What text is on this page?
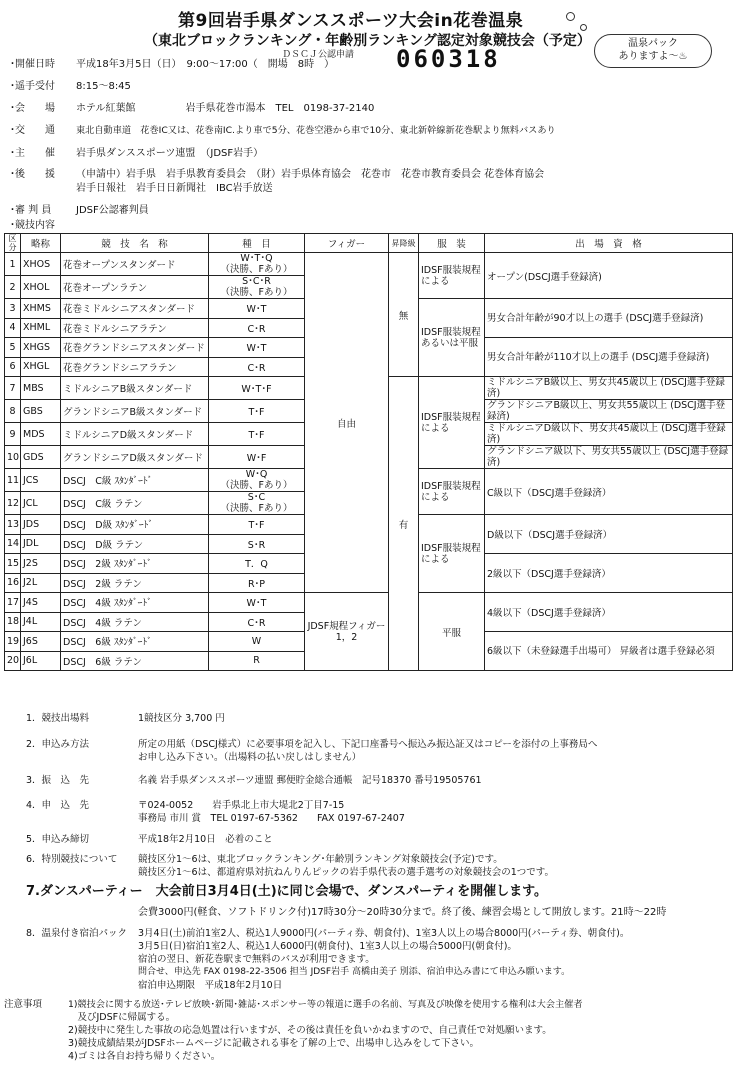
第9回岩手県ダンススポーツ大会in花巻温泉
（東北ブロックランキング・年齢別ランキング認定対象競技会（予定）	温泉パック
ありますよ～♨
ＤＳＣＪ公認申請 060318
･開催日時 平成18年3月5日（日）　9:00～17:00（　開場　8時　）
･遥手受付 8:15～8:45
･会　　場 ホテル紅葉館　　　　　岩手県花巻市湯本　TEL　0198-37-2140
･交　　通 東北自動車道　花巻IC又は、花巻南IC.より車で5分、花巻空港から車で10分、東北新幹線新花巻駅より無料バスあり
･主　　催 岩手県ダンススポーツ連盟　（JDSF岩手）
･後　　援 （申請中）岩手県　岩手県教育委員会　（財）岩手県体育協会　花巻市　花巻市教育委員会 花巻体育協会
岩手日報社　岩手日日新聞社　IBC岩手放送
･審 判 員 JDSF公認審判員
･競技内容
区分	略称	競　技　名　称	種　目	フィガー	昇降級	服　装	出　場　資　格
1	XHOS	花巻オープンスタンダード	W･T･Q
（決勝、Fあり）	自由	無	IDSF服装規程による	オープン(DSCJ選手登録済)
2	XHOL	花巻オープンラテン	S･C･R
（決勝、Fあり）				
3	XHMS	花巻ミドルシニアスタンダード	W･T			IDSF服装規程あるいは平服	男女合計年齢が90才以上の選手 (DSCJ選手登録済)
4	XHML	花巻ミドルシニアラテン	C･R				
5	XHGS	花巻グランドシニアスタンダード	W･T				男女合計年齢が110才以上の選手 (DSCJ選手登録済)
6	XHGL	花巻グランドシニアラテン	C･R				
7	MBS	ミドルシニアB級スタンダード	W･T･F		有	IDSF服装規程による	ミドルシニアB級以上、男女共45歳以上 (DSCJ選手登録済)
8	GBS	グランドシニアB級スタンダード	T･F				グランドシニアB級以上、男女共55歳以上 (DSCJ選手登録済)
9	MDS	ミドルシニアD級スタンダード	T･F				ミドルシニアD級以下、男女共45歳以上 (DSCJ選手登録済)
10	GDS	グランドシニアD級スタンダード	W･F				グランドシニア級以下、男女共55歳以上 (DSCJ選手登録済)
11	JCS	DSCJ　C級 ｽﾀﾝﾀﾞｰﾄﾞ	W･Q
（決勝、Fあり）			IDSF服装規程による	C級以下（DSCJ選手登録済）
12	JCL	DSCJ　C級 ラテン	S･C
（決勝、Fあり）				
13	JDS	DSCJ　D級 ｽﾀﾝﾀﾞｰﾄﾞ	T･F			IDSF服装規程による	D級以下（DSCJ選手登録済）
14	JDL	DSCJ　D級 ラテン	S･R				
15	J2S	DSCJ　2級 ｽﾀﾝﾀﾞｰﾄﾞ	T．Q				2級以下（DSCJ選手登録済）
16	J2L	DSCJ　2級 ラテン	R･P				
17	J4S	DSCJ　4級 ｽﾀﾝﾀﾞｰﾄﾞ	W･T	JDSF規程フィガー 1，2		平服	4級以下（DSCJ選手登録済）
18	J4L	DSCJ　4級 ラテン	C･R				
19	J6S	DSCJ　6級 ｽﾀﾝﾀﾞｰﾄﾞ	W				6級以下（未登録選手出場可） 昇級者は選手登録必須
20	J6L	DSCJ　6級 ラテン	R				
1．競技出場料	1競技区分 3,700 円
2．申込み方法	所定の用紙（DSCJ様式）に必要事項を記入し、下記口座番号へ振込み振込証又はコピーを添付の上事務局へ
お申し込み下さい。（出場料の払い戻しはしません）
3．振　込　先	名義 岩手県ダンススポーツ連盟 郵便貯金総合通帳　記号18370 番号19505761
4．申　込　先	〒024-0052　　岩手県北上市大堤北2丁目7-15
事務局 市川 賞　TEL 0197-67-5362　　FAX 0197-67-2407
5．申込み締切	平成18年2月10日　必着のこと
6．特別競技について 競技区分1～6は、東北ブロックランキング･年齢別ランキング対象競技会(予定)です。
競技区分1～6は、都道府県対抗ねんりんピックの岩手県代表の選手選考の対象競技会の1つです。
7.ダンスパーティー　大会前日3月4日(土)に同じ会場で、ダンスパーティを開催します。
会費3000円(軽食、ソフトドリンク付)17時30分～20時30分まで。終了後、練習会場として開放します。21時～22時
8．温泉付き宿泊パック 3月4日(土)前泊1室2人、税込1人9000円(パーティ券、朝食付)、1室3人以上の場合8000円(パーティ券、朝食付)。
3月5日(日)宿泊1室2人、税込1人6000円(朝食付)、1室3人以上の場合5000円(朝食付)。
宿泊の翌日、新花巻駅まで無料のバスが利用できます。
問合せ、申込先 FAX 0198-22-3506 担当 JDSF岩手 高橋由美子 別添、宿泊申込み書にて申込み願います。
宿泊申込期限　平成18年2月10日
注意事項	1)競技会に関する放送･テレビ放映･新聞･雑誌･スポンサー等の報道に選手の名前、写真及び映像を使用する権利は大会主催者
　及びJDSFに帰属する。
2)競技中に発生した事故の応急処置は行いますが、その後は責任を負いかねますので、自己責任で対処願います。
3)競技成績結果がJDSFホームページに記載される事を了解の上で、出場申し込みをして下さい。
4)ゴミは各自お持ち帰りください。
